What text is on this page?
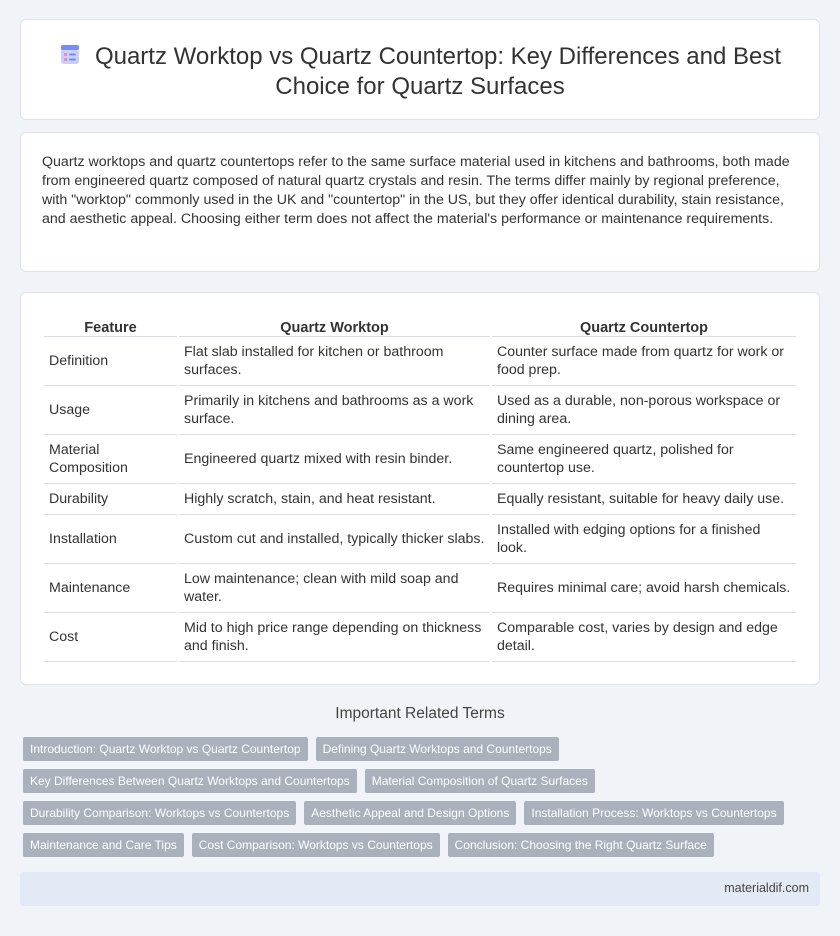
Quartz Worktop vs Quartz Countertop: Key Differences and Best Choice for Quartz Surfaces

Quartz worktops and quartz countertops refer to the same surface material used in kitchens and bathrooms, both made from engineered quartz composed of natural quartz crystals and resin. The terms differ mainly by regional preference, with "worktop" commonly used in the UK and "countertop" in the US, but they offer identical durability, stain resistance, and aesthetic appeal. Choosing either term does not affect the material's performance or maintenance requirements.

Feature	Quartz Worktop	Quartz Countertop
Definition	Flat slab installed for kitchen or bathroom surfaces.	Counter surface made from quartz for work or food prep.
Usage	Primarily in kitchens and bathrooms as a work surface.	Used as a durable, non-porous workspace or dining area.
Material Composition	Engineered quartz mixed with resin binder.	Same engineered quartz, polished for countertop use.
Durability	Highly scratch, stain, and heat resistant.	Equally resistant, suitable for heavy daily use.
Installation	Custom cut and installed, typically thicker slabs.	Installed with edging options for a finished look.
Maintenance	Low maintenance; clean with mild soap and water.	Requires minimal care; avoid harsh chemicals.
Cost	Mid to high price range depending on thickness and finish.	Comparable cost, varies by design and edge detail.
Important Related Terms
Introduction: Quartz Worktop vs Quartz Countertop	Defining Quartz Worktops and Countertops
Key Differences Between Quartz Worktops and Countertops	Material Composition of Quartz Surfaces
Durability Comparison: Worktops vs Countertops	Aesthetic Appeal and Design Options	Installation Process: Worktops vs Countertops
Maintenance and Care Tips	Cost Comparison: Worktops vs Countertops	Conclusion: Choosing the Right Quartz Surface
materialdif.com
